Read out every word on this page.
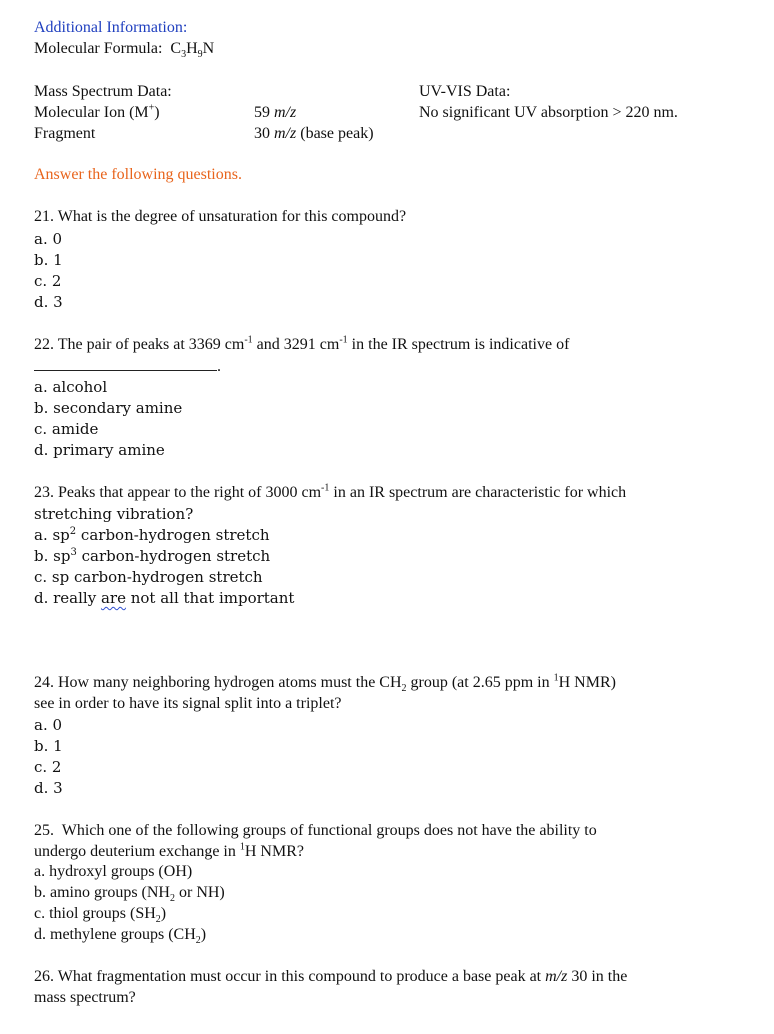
Additional Information:
Molecular Formula: $C_3H_9N$
Mass Spectrum Data:
Molecular Ion (M+)	59 m/z
Fragment	30 m/z (base peak)
UV-VIS Data:
No significant UV absorption > 220 nm.
Answer the following questions.
21. What is the degree of unsaturation for this compound?
a. 0
b. 1
c. 2
d. 3
22. The pair of peaks at 3369 $cm^{-1}$ and 3291 $cm^{-1}$ in the IR spectrum is indicative of
.
a. alcohol
b. secondary amine
c. amide
d. primary amine
23. Peaks that appear to the right of 3000 $cm^{-1}$ in an IR spectrum are characteristic for which
stretching vibration?
a. $sp^2$ carbon-hydrogen stretch
b. $sp^3$ carbon-hydrogen stretch
c. sp carbon-hydrogen stretch
d. really are not all that important
24. How many neighboring hydrogen atoms must the $CH_2$ group (at 2.65 ppm in $^1$H NMR)
see in order to have its signal split into a triplet?
a. 0
b. 1
c. 2
d. 3
25. Which one of the following groups of functional groups does not have the ability to
undergo deuterium exchange in $^1$H NMR?
a. hydroxyl groups (OH)
b. amino groups ($NH_2$ or NH)
c. thiol groups $(SH_2)$
d. methylene groups $(CH_2)$
26. What fragmentation must occur in this compound to produce a base peak at m/z 30 in the
mass spectrum?
